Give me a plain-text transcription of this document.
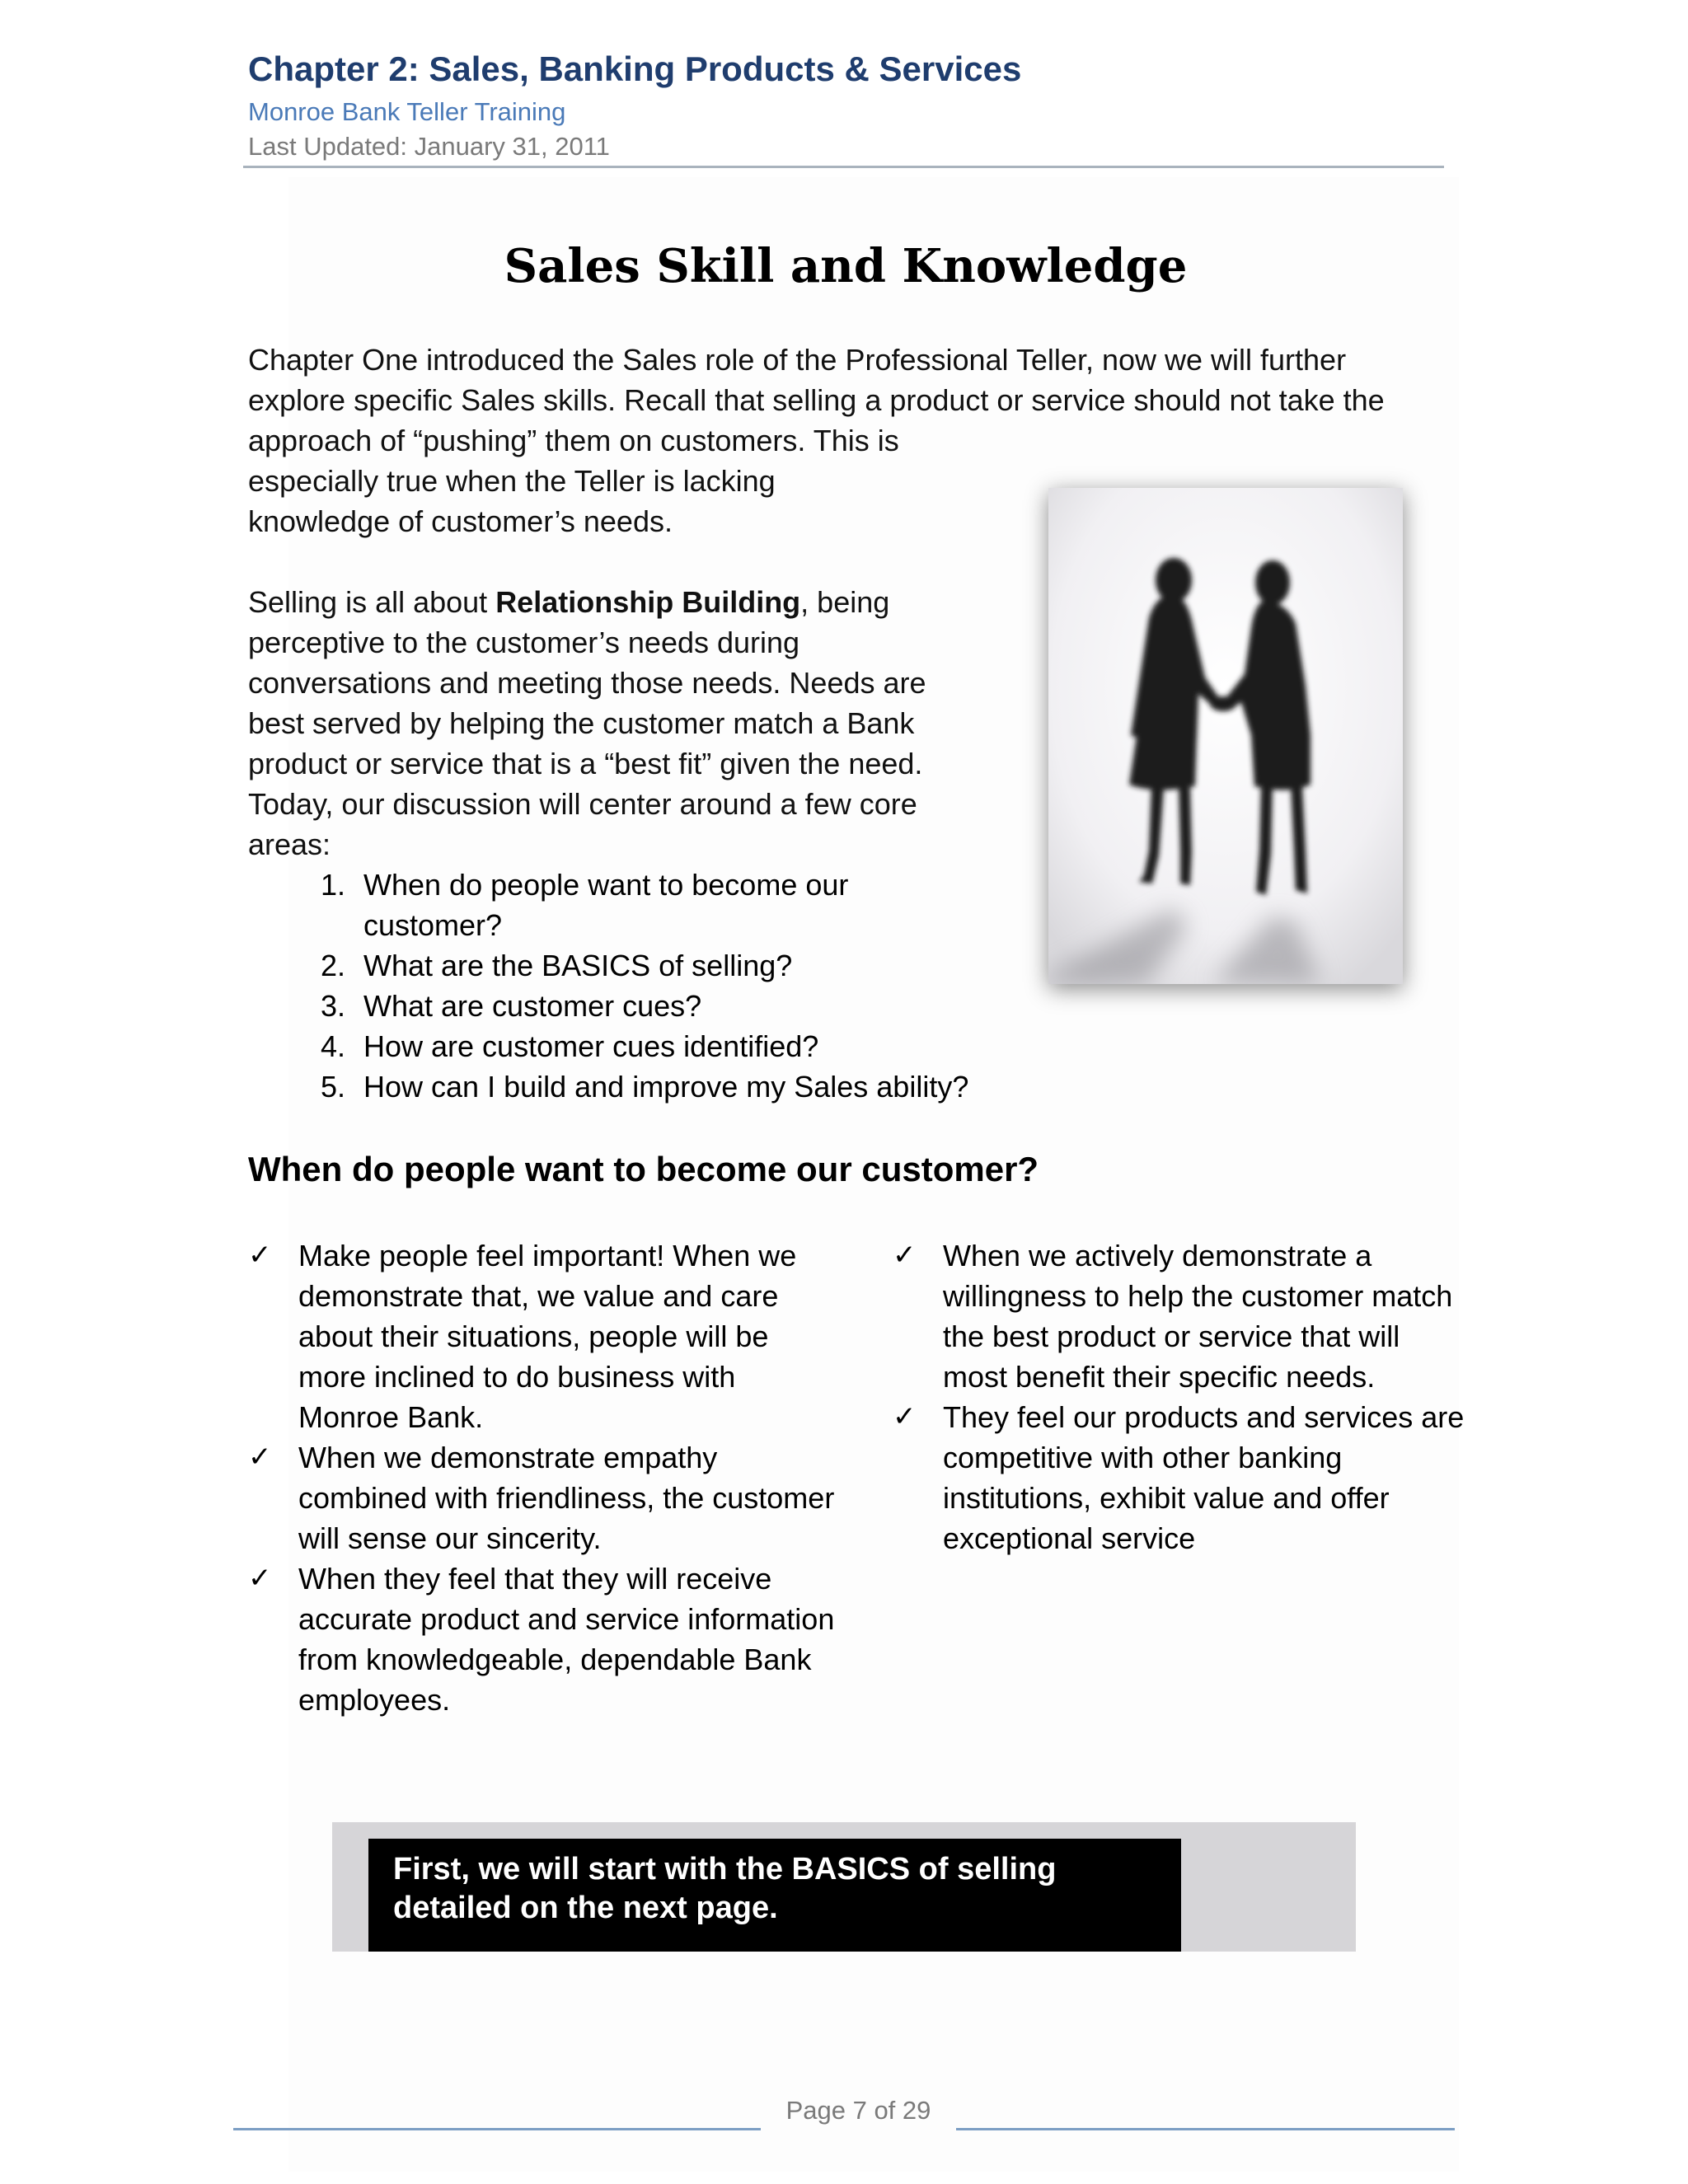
Chapter 2: Sales, Banking Products & Services
Monroe Bank Teller Training
Last Updated: January 31, 2011
Sales Skill and Knowledge
Chapter One introduced the Sales role of the Professional Teller, now we will further
explore specific Sales skills. Recall that selling a product or service should not take the
approach of “pushing” them on customers. This is
especially true when the Teller is lacking
knowledge of customer’s needs.
Selling is all about Relationship Building, being
perceptive to the customer’s needs during
conversations and meeting those needs. Needs are
best served by helping the customer match a Bank
product or service that is a “best fit” given the need.
Today, our discussion will center around a few core
areas:
1. When do people want to become our customer?
2. What are the BASICS of selling?
3. What are customer cues?
4. How are customer cues identified?
5. How can I build and improve my Sales ability?
When do people want to become our customer?
✓ Make people feel important! When we demonstrate that, we value and care about their situations, people will be more inclined to do business with Monroe Bank.
✓ When we demonstrate empathy combined with friendliness, the customer will sense our sincerity.
✓ When they feel that they will receive accurate product and service information from knowledgeable, dependable Bank employees.
✓ When we actively demonstrate a willingness to help the customer match the best product or service that will most benefit their specific needs.
✓ They feel our products and services are competitive with other banking institutions, exhibit value and offer exceptional service
First, we will start with the BASICS of selling
detailed on the next page.
Page 7 of 29
